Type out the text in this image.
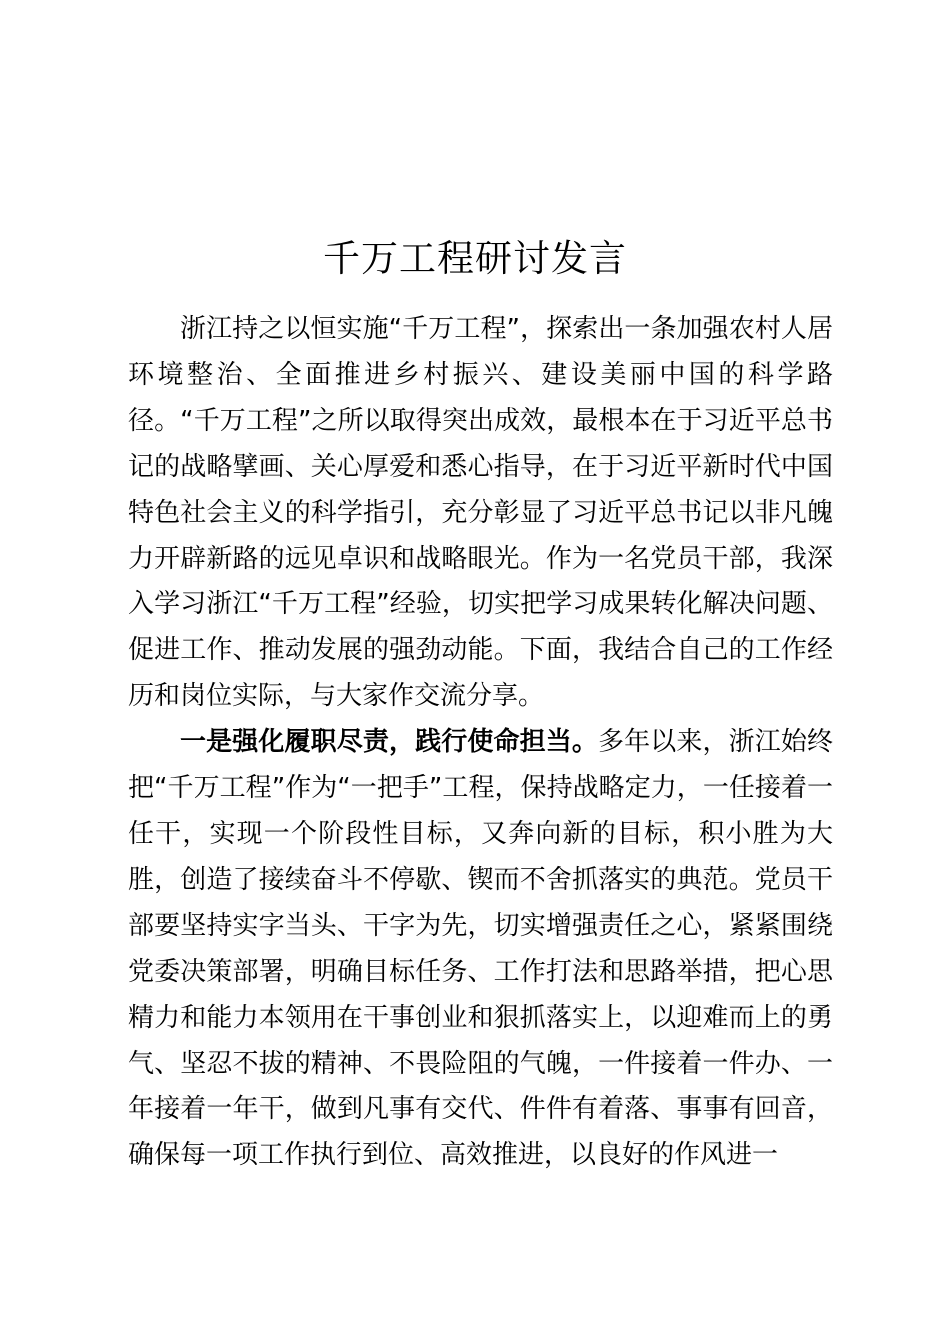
千万工程研讨发言

浙江持之以恒实施“千万工程”，探索出一条加强农村人居环境整治、全面推进乡村振兴、建设美丽中国的科学路径。“千万工程”之所以取得突出成效，最根本在于习近平总书记的战略擘画、关心厚爱和悉心指导，在于习近平新时代中国特色社会主义的科学指引，充分彰显了习近平总书记以非凡魄力开辟新路的远见卓识和战略眼光。作为一名党员干部，我深入学习浙江“千万工程”经验，切实把学习成果转化解决问题、促进工作、推动发展的强劲动能。下面，我结合自己的工作经历和岗位实际，与大家作交流分享。

一是强化履职尽责，践行使命担当。多年以来，浙江始终把“千万工程”作为“一把手”工程，保持战略定力，一任接着一任干，实现一个阶段性目标，又奔向新的目标，积小胜为大胜，创造了接续奋斗不停歇、锲而不舍抓落实的典范。党员干部要坚持实字当头、干字为先，切实增强责任之心，紧紧围绕党委决策部署，明确目标任务、工作打法和思路举措，把心思精力和能力本领用在干事创业和狠抓落实上，以迎难而上的勇气、坚忍不拔的精神、不畏险阻的气魄，一件接着一件办、一年接着一年干，做到凡事有交代、件件有着落、事事有回音，确保每一项工作执行到位、高效推进，以良好的作风进一
